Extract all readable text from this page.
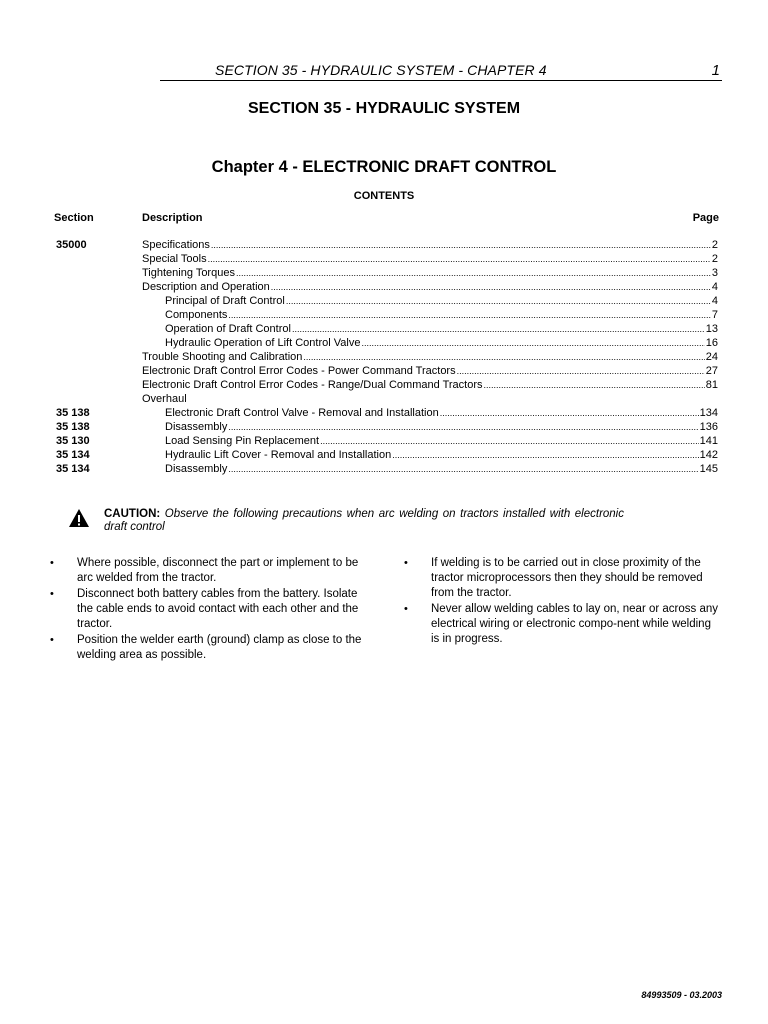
SECTION 35 - HYDRAULIC SYSTEM - CHAPTER 4	1
SECTION 35 - HYDRAULIC SYSTEM
Chapter 4 - ELECTRONIC DRAFT CONTROL
CONTENTS
Section	Description	Page
35000	Specifications .....	2
Special Tools .....	2
Tightening Torques .....	3
Description and Operation .....	4
Principal of Draft Control .....	4
Components .....	7
Operation of Draft Control .....	13
Hydraulic Operation of Lift Control Valve .....	16
Trouble Shooting and Calibration .....	24
Electronic Draft Control Error Codes - Power Command Tractors .....	27
Electronic Draft Control Error Codes - Range/Dual Command Tractors .....	81
Overhaul
35 138	Electronic Draft Control Valve - Removal and Installation .....	134
35 138	Disassembly .....	136
35 130	Load Sensing Pin Replacement .....	141
35 134	Hydraulic Lift Cover - Removal and Installation .....	142
35 134	Disassembly .....	145
CAUTION: Observe the following precautions when arc welding on tractors installed with electronic draft control
• Where possible, disconnect the part or implement to be arc welded from the tractor.
• Disconnect both battery cables from the battery. Isolate the cable ends to avoid contact with each other and the tractor.
• Position the welder earth (ground) clamp as close to the welding area as possible.
• If welding is to be carried out in close proximity of the tractor microprocessors then they should be removed from the tractor.
• Never allow welding cables to lay on, near or across any electrical wiring or electronic compo-nent while welding is in progress.
84993509 - 03.2003
